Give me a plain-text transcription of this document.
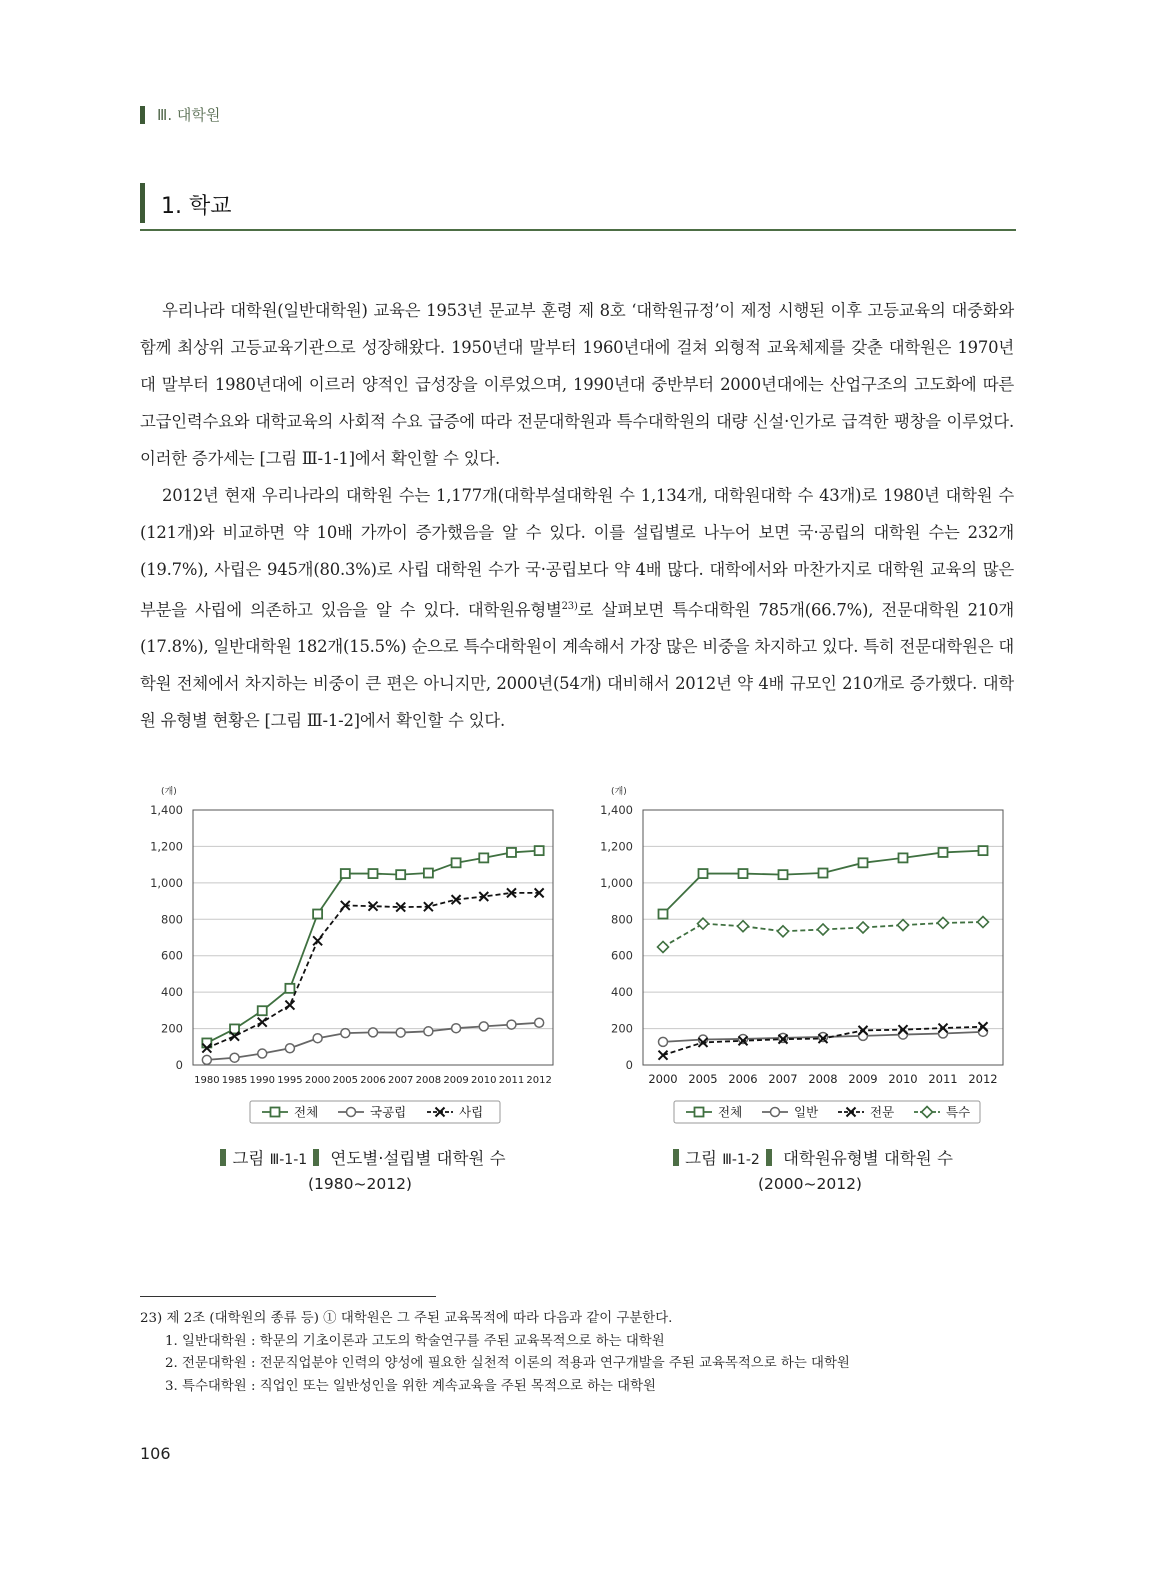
Ⅲ. 대학원
1. 학교

우리나라 대학원(일반대학원) 교육은 1953년 문교부 훈령 제 8호 ‘대학원규정’이 제정 시행된 이후 고등교육의 대중화와 함께 최상위 고등교육기관으로 성장해왔다. 1950년대 말부터 1960년대에 걸쳐 외형적 교육체제를 갖춘 대학원은 1970년대 말부터 1980년대에 이르러 양적인 급성장을 이루었으며, 1990년대 중반부터 2000년대에는 산업구조의 고도화에 따른 고급인력수요와 대학교육의 사회적 수요 급증에 따라 전문대학원과 특수대학원의 대량 신설·인가로 급격한 팽창을 이루었다. 이러한 증가세는 [그림 Ⅲ-1-1]에서 확인할 수 있다.

2012년 현재 우리나라의 대학원 수는 1,177개(대학부설대학원 수 1,134개, 대학원대학 수 43개)로 1980년 대학원 수(121개)와 비교하면 약 10배 가까이 증가했음을 알 수 있다. 이를 설립별로 나누어 보면 국·공립의 대학원 수는 232개(19.7%), 사립은 945개(80.3%)로 사립 대학원 수가 국·공립보다 약 4배 많다. 대학에서와 마찬가지로 대학원 교육의 많은 부분을 사립에 의존하고 있음을 알 수 있다. 대학원유형별$^{23)}$로 살펴보면 특수대학원 785개(66.7%), 전문대학원 210개(17.8%), 일반대학원 182개(15.5%) 순으로 특수대학원이 계속해서 가장 많은 비중을 차지하고 있다. 특히 전문대학원은 대학원 전체에서 차지하는 비중이 큰 편은 아니지만, 2000년(54개) 대비해서 2012년 약 4배 규모인 210개로 증가했다. 대학원 유형별 현황은 [그림 Ⅲ-1-2]에서 확인할 수 있다.

(개)
0
200
400
600
800
1,000
1,200
1,400
1980 1985 1990 1995 2000 2005 2006 2007 2008 2009 2010 2011 2012
전체	국공립	사립
(개)
0
200
400
600
800
1,000
1,200
1,400
2000 2005 2006 2007 2008 2009 2010 2011 2012
전체	일반	전문	특수
그림 Ⅲ-1-1 연도별·설립별 대학원 수
(1980~2012)
그림 Ⅲ-1-2 대학원유형별 대학원 수
(2000~2012)
23) 제 2조 (대학원의 종류 등) ① 대학원은 그 주된 교육목적에 따라 다음과 같이 구분한다.
1. 일반대학원 : 학문의 기초이론과 고도의 학술연구를 주된 교육목적으로 하는 대학원
2. 전문대학원 : 전문직업분야 인력의 양성에 필요한 실천적 이론의 적용과 연구개발을 주된 교육목적으로 하는 대학원
3. 특수대학원 : 직업인 또는 일반성인을 위한 계속교육을 주된 목적으로 하는 대학원
106
